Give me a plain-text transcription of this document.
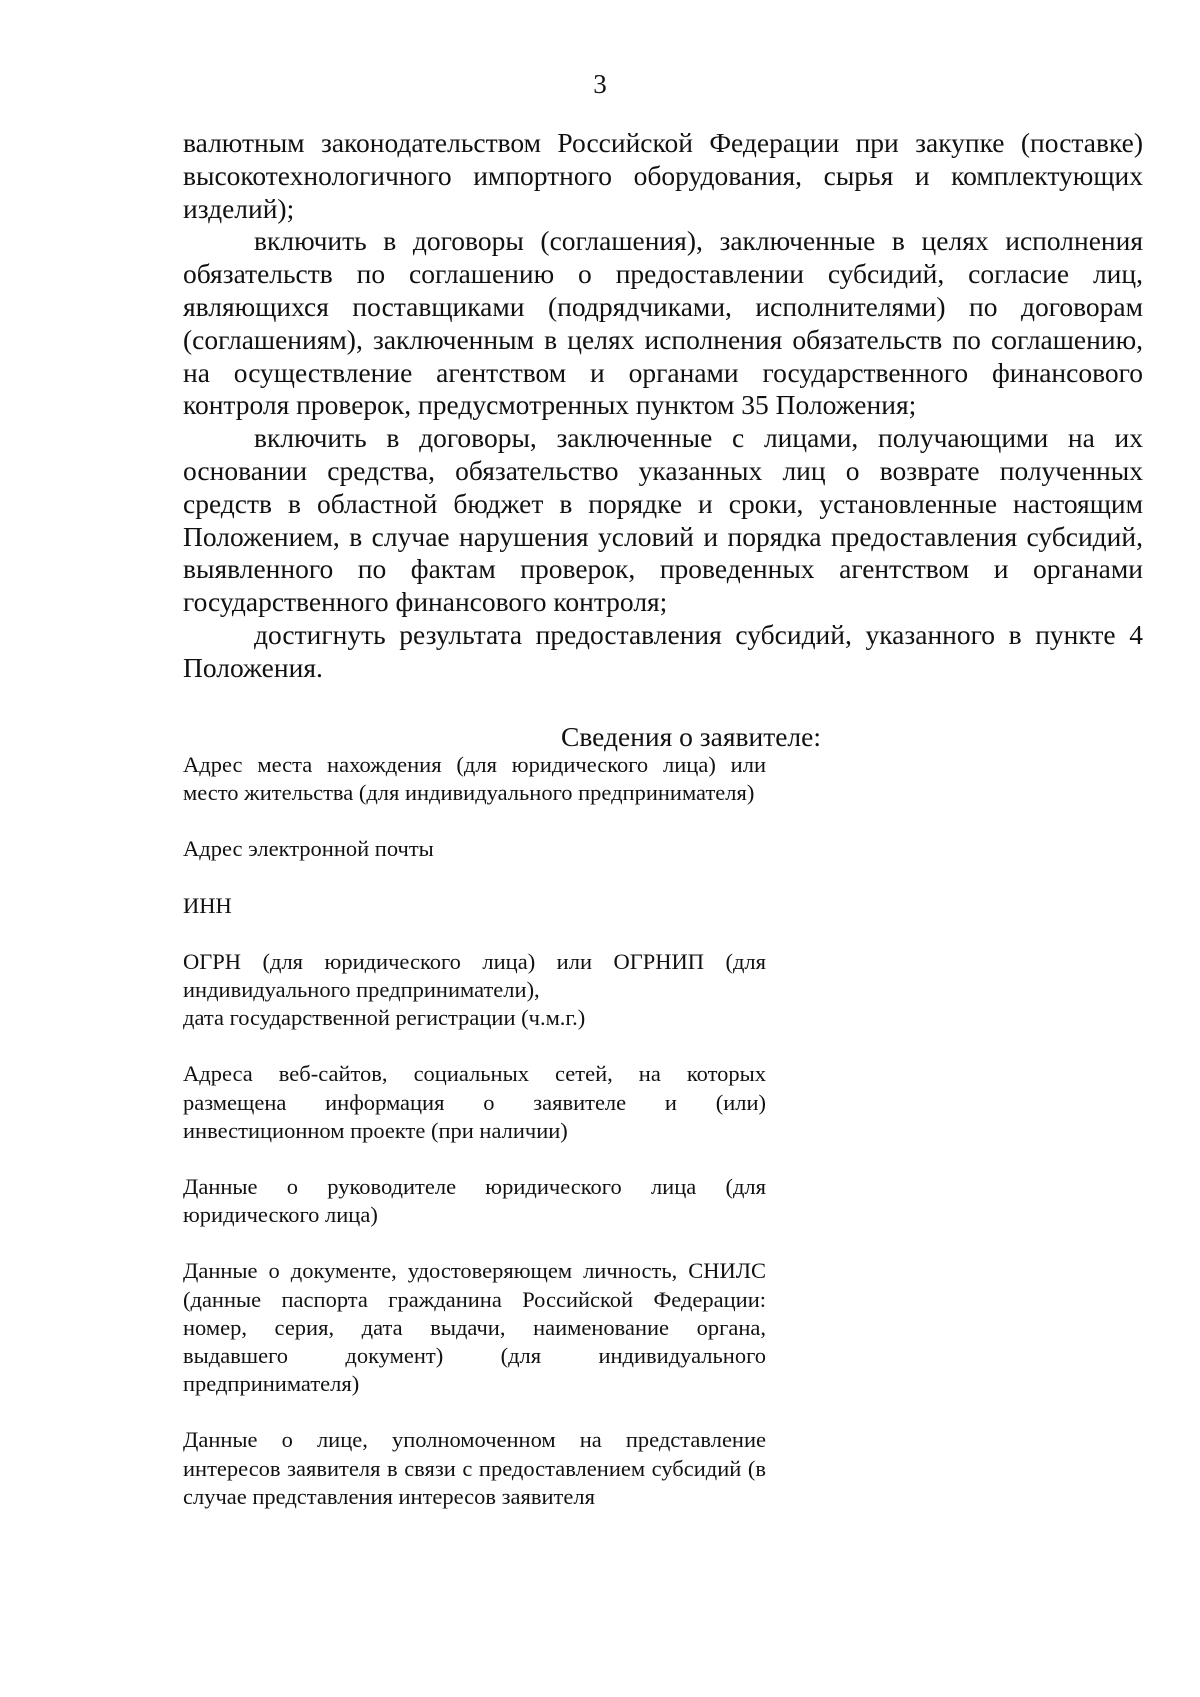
3

валютным законодательством Российской Федерации при закупке (поставке) высокотехнологичного импортного оборудования, сырья и комплектующих изделий);

включить в договоры (соглашения), заключенные в целях исполнения обязательств по соглашению о предоставлении субсидий, согласие лиц, являющихся поставщиками (подрядчиками, исполнителями) по договорам (соглашениям), заключенным в целях исполнения обязательств по соглашению, на осуществление агентством и органами государственного финансового контроля проверок, предусмотренных пунктом 35 Положения;

включить в договоры, заключенные с лицами, получающими на их основании средства, обязательство указанных лиц о возврате полученных средств в областной бюджет в порядке и сроки, установленные настоящим Положением, в случае нарушения условий и порядка предоставления субсидий, выявленного по фактам проверок, проведенных агентством и органами государственного финансового контроля;

достигнуть результата предоставления субсидий, указанного в пункте 4 Положения.

Сведения о заявителе:

Адрес места нахождения (для юридического лица) или место жительства (для индивидуального предпринимателя)

Адрес электронной почты

ИНН

ОГРН (для юридического лица) или ОГРНИП (для индивидуального предприниматели),
дата государственной регистрации (ч.м.г.)

Адреса веб-сайтов, социальных сетей, на которых размещена информация о заявителе и (или) инвестиционном проекте (при наличии)

Данные о руководителе юридического лица (для юридического лица)

Данные о документе, удостоверяющем личность, СНИЛС (данные паспорта гражданина Российской Федерации: номер, серия, дата выдачи, наименование органа, выдавшего документ) (для индивидуального предпринимателя)

Данные о лице, уполномоченном на представление интересов заявителя в связи с предоставлением субсидий (в случае представления интересов заявителя
